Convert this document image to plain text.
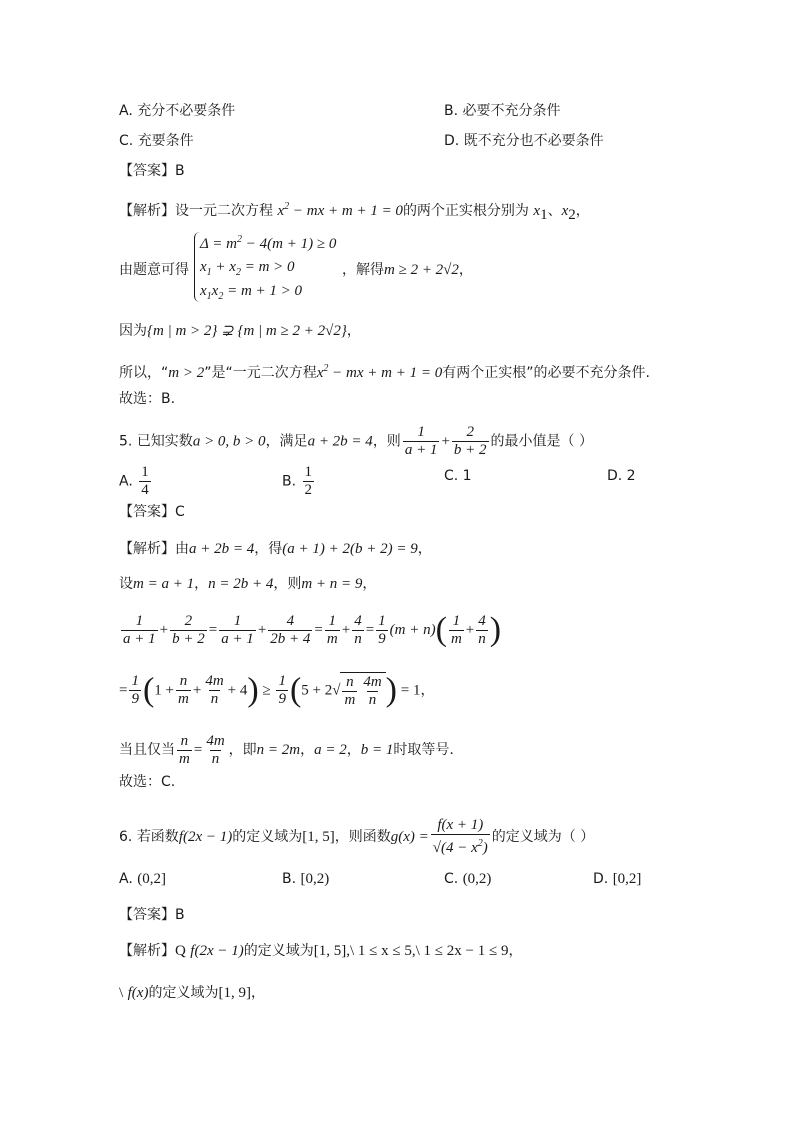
A. 充分不必要条件	B. 必要不充分条件
C. 充要条件	D. 既不充分也不必要条件
【答案】B
【解析】设一元二次方程 $x^2$ − mx + m + 1 = 0的两个正实根分别为 $x_1$、$x_2$，
由题意可得
$\Delta = m^2 - 4(m + 1) \ge 0$
$x_1 + x_2 = m > 0$
$x_1x_2 = m + 1 > 0$
，解得m ≥ 2 + 2√2，
因为{m | m > 2} ⊋ {m | m ≥ 2 + 2√2}，
所以，“m > 2”是“一元二次方程$x^2$ − mx + m + 1 = 0有两个正实根”的必要不充分条件.
故选：B.
5. 已知实数a > 0, b > 0，满足a + 2b = 4，则 $\frac{1}{a + 1} + \frac{2}{b + 2}$ 的最小值是（ ）
A. $\frac{1}{4}$	B. $\frac{1}{2}$	C. 1	D. 2
【答案】C
【解析】由a + 2b = 4，得(a + 1) + 2(b + 2) = 9，
设m = a + 1，n = 2b + 4，则m + n = 9，
$\frac{1}{a + 1} + \frac{2}{b + 2} = \frac{1}{a + 1} + \frac{4}{2b + 4} = \frac{1}{m} + \frac{4}{n} = \frac{1}{9} (m + n)( \frac{1}{m} + \frac{4}{n}$ )
= $\frac{1}{9} (1 + \frac{n}{m} + \frac{4m}{n} + 4) \ge \frac{1}{9} (5 + 2√ \frac{n}{m} \frac{4m}{n}$ ) = 1，
当且仅当 $\frac{n}{m} = \frac{4m}{n}$ ，即n = 2m，a = 2，b = 1时取等号.
故选：C.
6. 若函数f(2x − 1)的定义域为[1, 5]，则函数$g(x) = \frac{f(x + 1)}{√(4 - x^2)}$ 的定义域为（ ）
A. (0,2]	B. [0,2)	C. (0,2)	D. [0,2]
【答案】B
【解析】Q f(2x − 1)的定义域为[1, 5],\ 1 ≤ x ≤ 5,\ 1 ≤ 2x − 1 ≤ 9，
\ f(x)的定义域为[1, 9]，
